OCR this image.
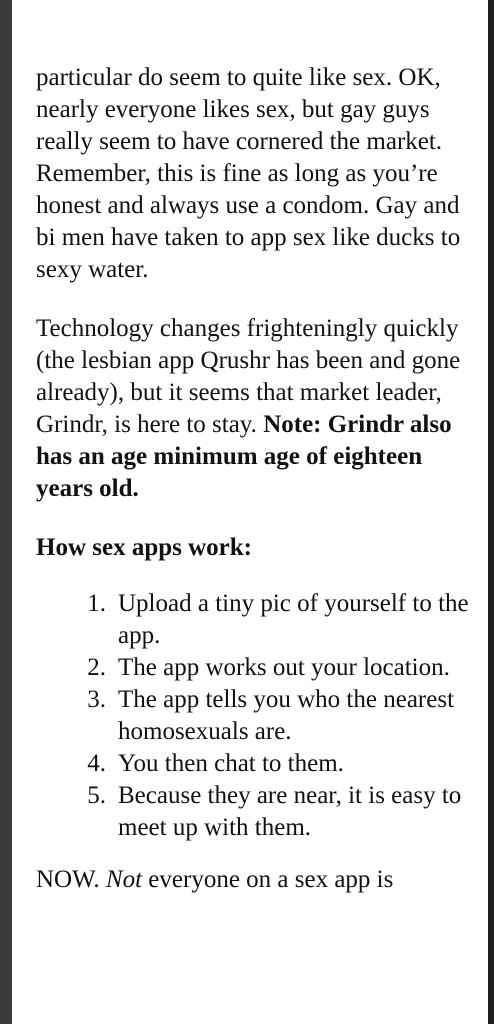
particular do seem to quite like sex. OK, nearly everyone likes sex, but gay guys really seem to have cornered the market. Remember, this is fine as long as you’re honest and always use a condom. Gay and bi men have taken to app sex like ducks to sexy water.

Technology changes frighteningly quickly (the lesbian app Qrushr has been and gone already), but it seems that market leader, Grindr, is here to stay. Note: Grindr also has an age minimum age of eighteen years old.

How sex apps work:

1. Upload a tiny pic of yourself to the app.
2. The app works out your location.
3. The app tells you who the nearest homosexuals are.
4. You then chat to them.
5. Because they are near, it is easy to meet up with them.

NOW. Not everyone on a sex app is
